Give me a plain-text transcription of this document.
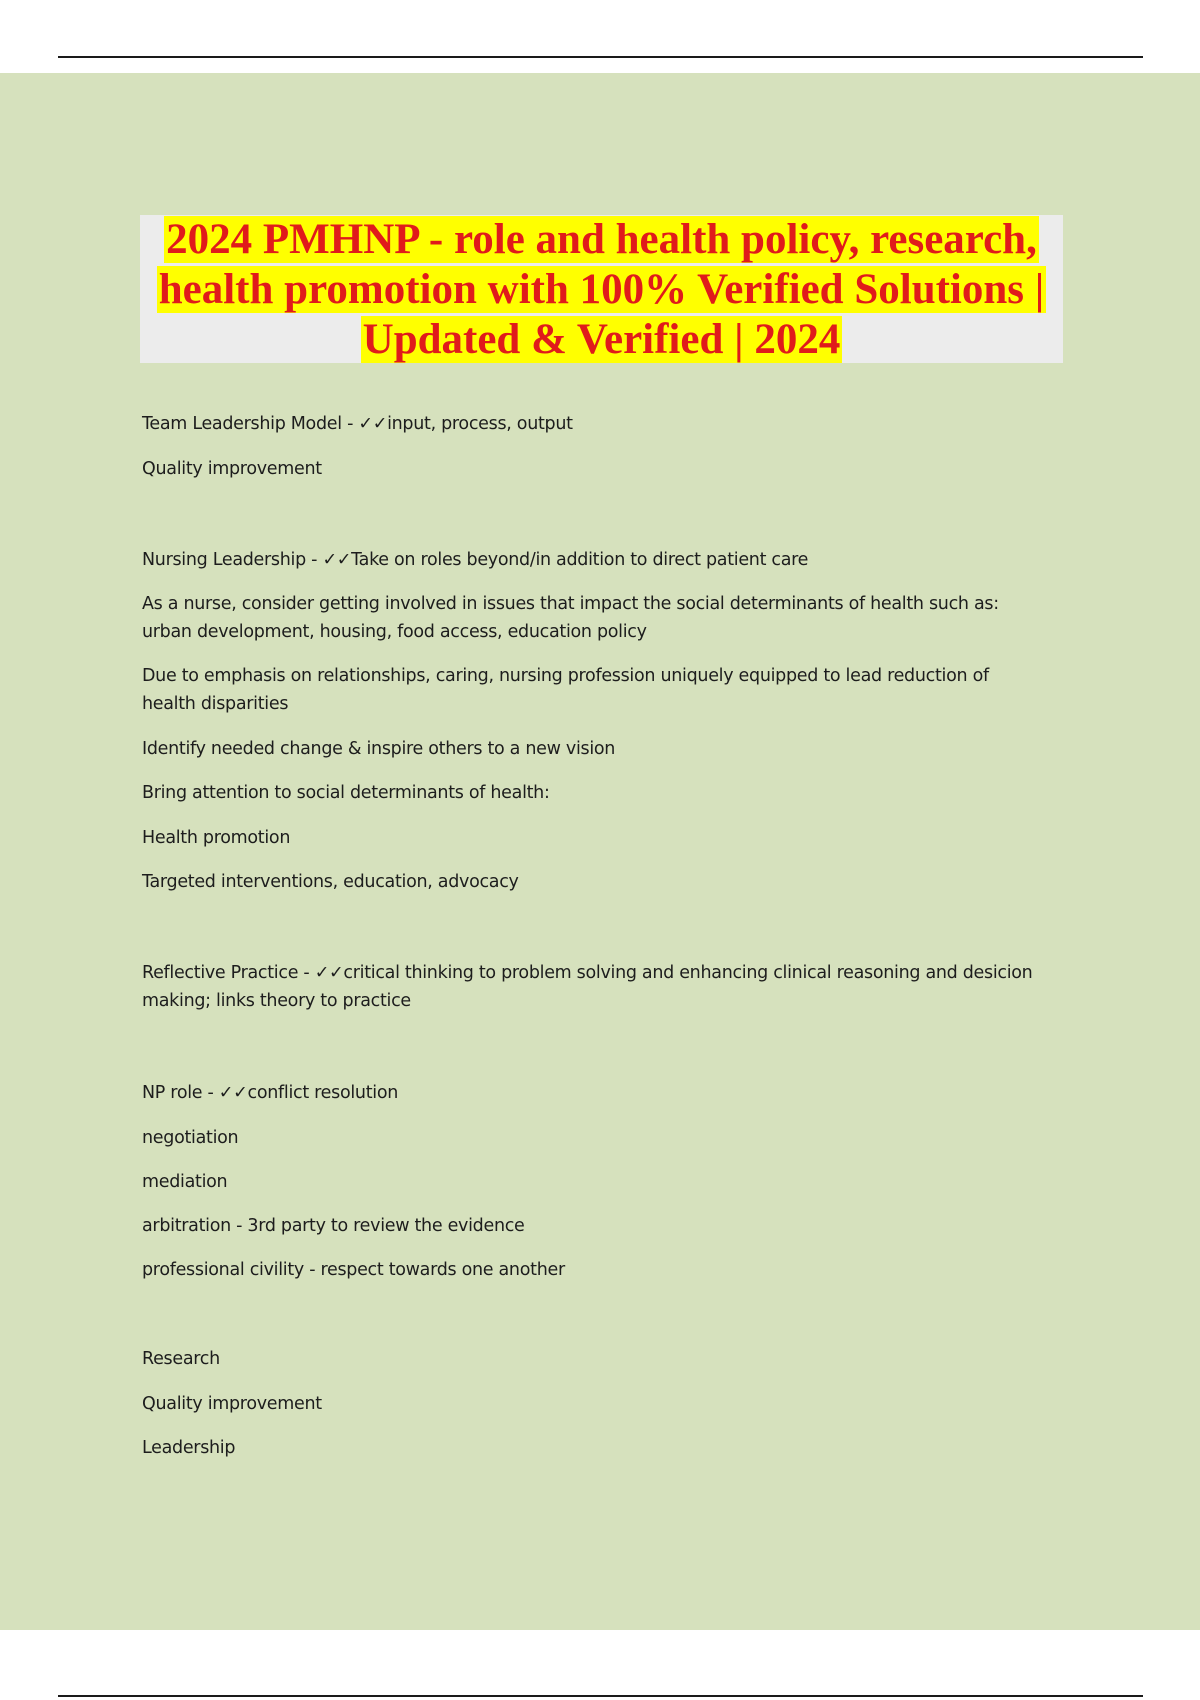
2024 PMHNP - role and health policy, research, health promotion with 100% Verified Solutions | Updated & Verified | 2024

Team Leadership Model - ✓✓input, process, output

Quality improvement

Nursing Leadership - ✓✓Take on roles beyond/in addition to direct patient care

As a nurse, consider getting involved in issues that impact the social determinants of health such as: urban development, housing, food access, education policy

Due to emphasis on relationships, caring, nursing profession uniquely equipped to lead reduction of health disparities

Identify needed change & inspire others to a new vision

Bring attention to social determinants of health:

Health promotion

Targeted interventions, education, advocacy

Reflective Practice - ✓✓critical thinking to problem solving and enhancing clinical reasoning and desicion making; links theory to practice

NP role - ✓✓conflict resolution

negotiation

mediation

arbitration - 3rd party to review the evidence

professional civility - respect towards one another

Research

Quality improvement

Leadership
